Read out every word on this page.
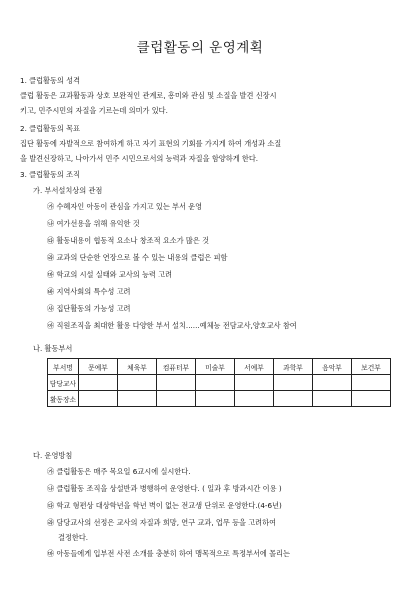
클럽활동의 운영계획
1. 클럽활동의 성격
클럽 활동은 교과활동과 상호 보완적인 관계로, 흥미와 관심 및 소질을 발견 신장시
키고, 민주시민의 자질을 기르는데 의미가 있다.
2. 클럽활동의 목표
집단 활동에 자발적으로 참여하게 하고 자기 표현의 기회를 가지게 하여 개성과 소질
을 발견신장하고, 나아가서 민주 시민으로서의 능력과 자질을 함양하게 한다.
3. 클럽활동의 조직
가. 부서설치상의 관점
㉮ 수혜자인 아동이 관심을 가지고 있는 부서 운영
㉯ 여가선용을 위해 유익한 것
㉰ 활동내용이 협동적 요소나 창조적 요소가 많은 것
㉱ 교과의 단순한 연장으로 볼 수 있는 내용의 클럽은 피함
㉲ 학교의 시설 실태와 교사의 능력 고려
㉳ 지역사회의 특수성 고려
㉴ 집단활동의 가능성 고려
㉵ 직원조직을 최대한 활용 다양한 부서 설치......예체능 전담교사,양호교사 참여
나. 활동부서
부서명	문예부	체육부	컴퓨터부	미술부	서예부	과학부	음악부	보건부
담당교사								
활동장소								
다. 운영방침
㉮ 클럽활동은 매주 목요일 6교시에 실시한다.
㉯ 클럽활동 조직을 상설반과 병행하여 운영한다. ( 일과 후 방과시간 이용 )
㉰ 학교 형편상 대상학년을 학년 벽이 없는 전교생 단위로 운영한다.(4-6년)
㉱ 담당교사의 선정은 교사의 자질과 희망, 연구 교과, 업무 등을 고려하여
결정한다.
㉲ 아동들에게 입부전 사전 소개를 충분히 하여 맹목적으로 특정부서에 몰리는
